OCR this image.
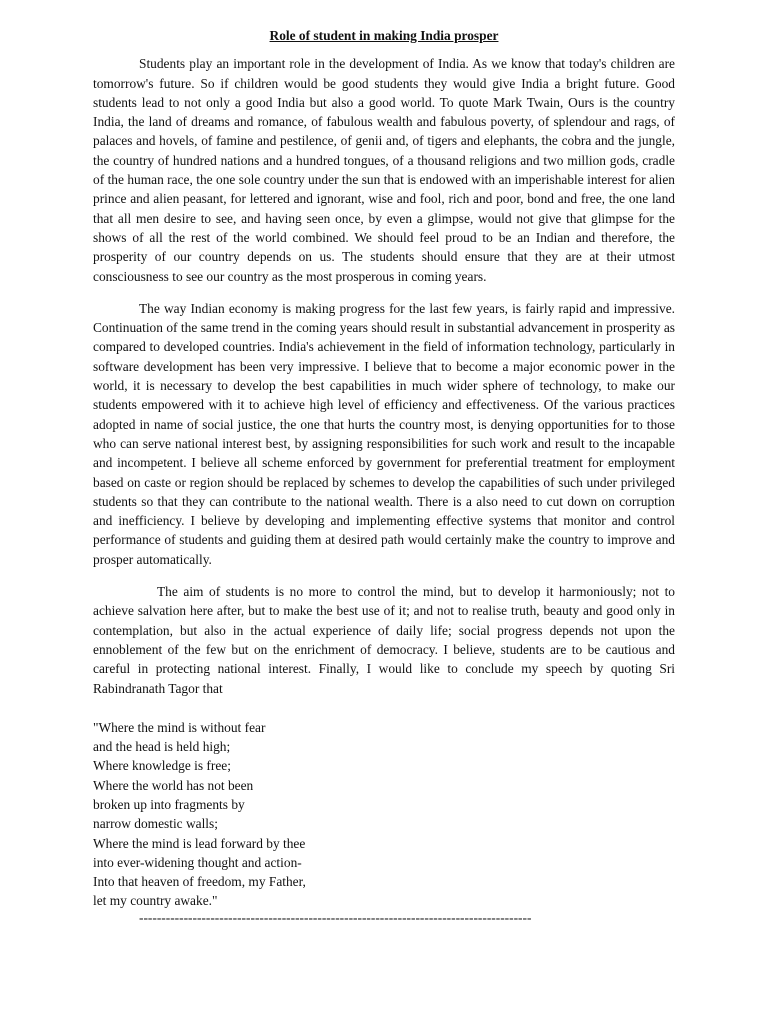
Role of student in making India prosper

Students play an important role in the development of India. As we know that today's children are tomorrow's future. So if children would be good students they would give India a bright future. Good students lead to not only a good India but also a good world. To quote Mark Twain, Ours is the country India, the land of dreams and romance, of fabulous wealth and fabulous poverty, of splendour and rags, of palaces and hovels, of famine and pestilence, of genii and, of tigers and elephants, the cobra and the jungle, the country of hundred nations and a hundred tongues, of a thousand religions and two million gods, cradle of the human race, the one sole country under the sun that is endowed with an imperishable interest for alien prince and alien peasant, for lettered and ignorant, wise and fool, rich and poor, bond and free, the one land that all men desire to see, and having seen once, by even a glimpse, would not give that glimpse for the shows of all the rest of the world combined. We should feel proud to be an Indian and therefore, the prosperity of our country depends on us. The students should ensure that they are at their utmost consciousness to see our country as the most prosperous in coming years.

The way Indian economy is making progress for the last few years, is fairly rapid and impressive. Continuation of the same trend in the coming years should result in substantial advancement in prosperity as compared to developed countries. India's achievement in the field of information technology, particularly in software development has been very impressive. I believe that to become a major economic power in the world, it is necessary to develop the best capabilities in much wider sphere of technology, to make our students empowered with it to achieve high level of efficiency and effectiveness. Of the various practices adopted in name of social justice, the one that hurts the country most, is denying opportunities for to those who can serve national interest best, by assigning responsibilities for such work and result to the incapable and incompetent. I believe all scheme enforced by government for preferential treatment for employment based on caste or region should be replaced by schemes to develop the capabilities of such under privileged students so that they can contribute to the national wealth. There is a also need to cut down on corruption and inefficiency. I believe by developing and implementing effective systems that monitor and control performance of students and guiding them at desired path would certainly make the country to improve and prosper automatically.

The aim of students is no more to control the mind, but to develop it harmoniously; not to achieve salvation here after, but to make the best use of it; and not to realise truth, beauty and good only in contemplation, but also in the actual experience of daily life; social progress depends not upon the ennoblement of the few but on the enrichment of democracy. I believe, students are to be cautious and careful in protecting national interest. Finally, I would like to conclude my speech by quoting Sri Rabindranath Tagor that

"Where the mind is without fear
and the head is held high;
Where knowledge is free;
Where the world has not been
broken up into fragments by
narrow domestic walls;
Where the mind is lead forward by thee
into ever-widening thought and action-
Into that heaven of freedom, my Father,
let my country awake."
----------------------------------------------------------------------------------------
